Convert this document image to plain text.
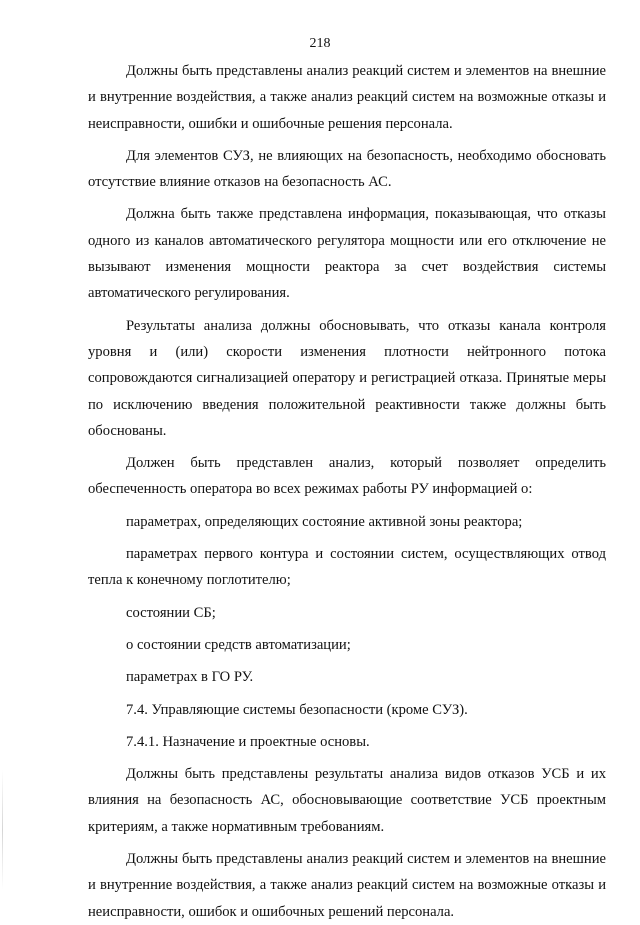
218

Должны быть представлены анализ реакций систем и элементов на внешние и внутренние воздействия, а также анализ реакций систем на возможные отказы и неисправности, ошибки и ошибочные решения персонала.

Для элементов СУЗ, не влияющих на безопасность, необходимо обосновать отсутствие влияние отказов на безопасность АС.

Должна быть также представлена информация, показывающая, что отказы одного из каналов автоматического регулятора мощности или его отключение не вызывают изменения мощности реактора за счет воздействия системы автоматического регулирования.

Результаты анализа должны обосновывать, что отказы канала контроля уровня и (или) скорости изменения плотности нейтронного потока сопровождаются сигнализацией оператору и регистрацией отказа. Принятые меры по исключению введения положительной реактивности также должны быть обоснованы.

Должен быть представлен анализ, который позволяет определить обеспеченность оператора во всех режимах работы РУ информацией о:

параметрах, определяющих состояние активной зоны реактора;

параметрах первого контура и состоянии систем, осуществляющих отвод тепла к конечному поглотителю;

состоянии СБ;

о состоянии средств автоматизации;

параметрах в ГО РУ.

7.4. Управляющие системы безопасности (кроме СУЗ).

7.4.1. Назначение и проектные основы.

Должны быть представлены результаты анализа видов отказов УСБ и их влияния на безопасность АС, обосновывающие соответствие УСБ проектным критериям, а также нормативным требованиям.

Должны быть представлены анализ реакций систем и элементов на внешние и внутренние воздействия, а также анализ реакций систем на возможные отказы и неисправности, ошибок и ошибочных решений персонала.
